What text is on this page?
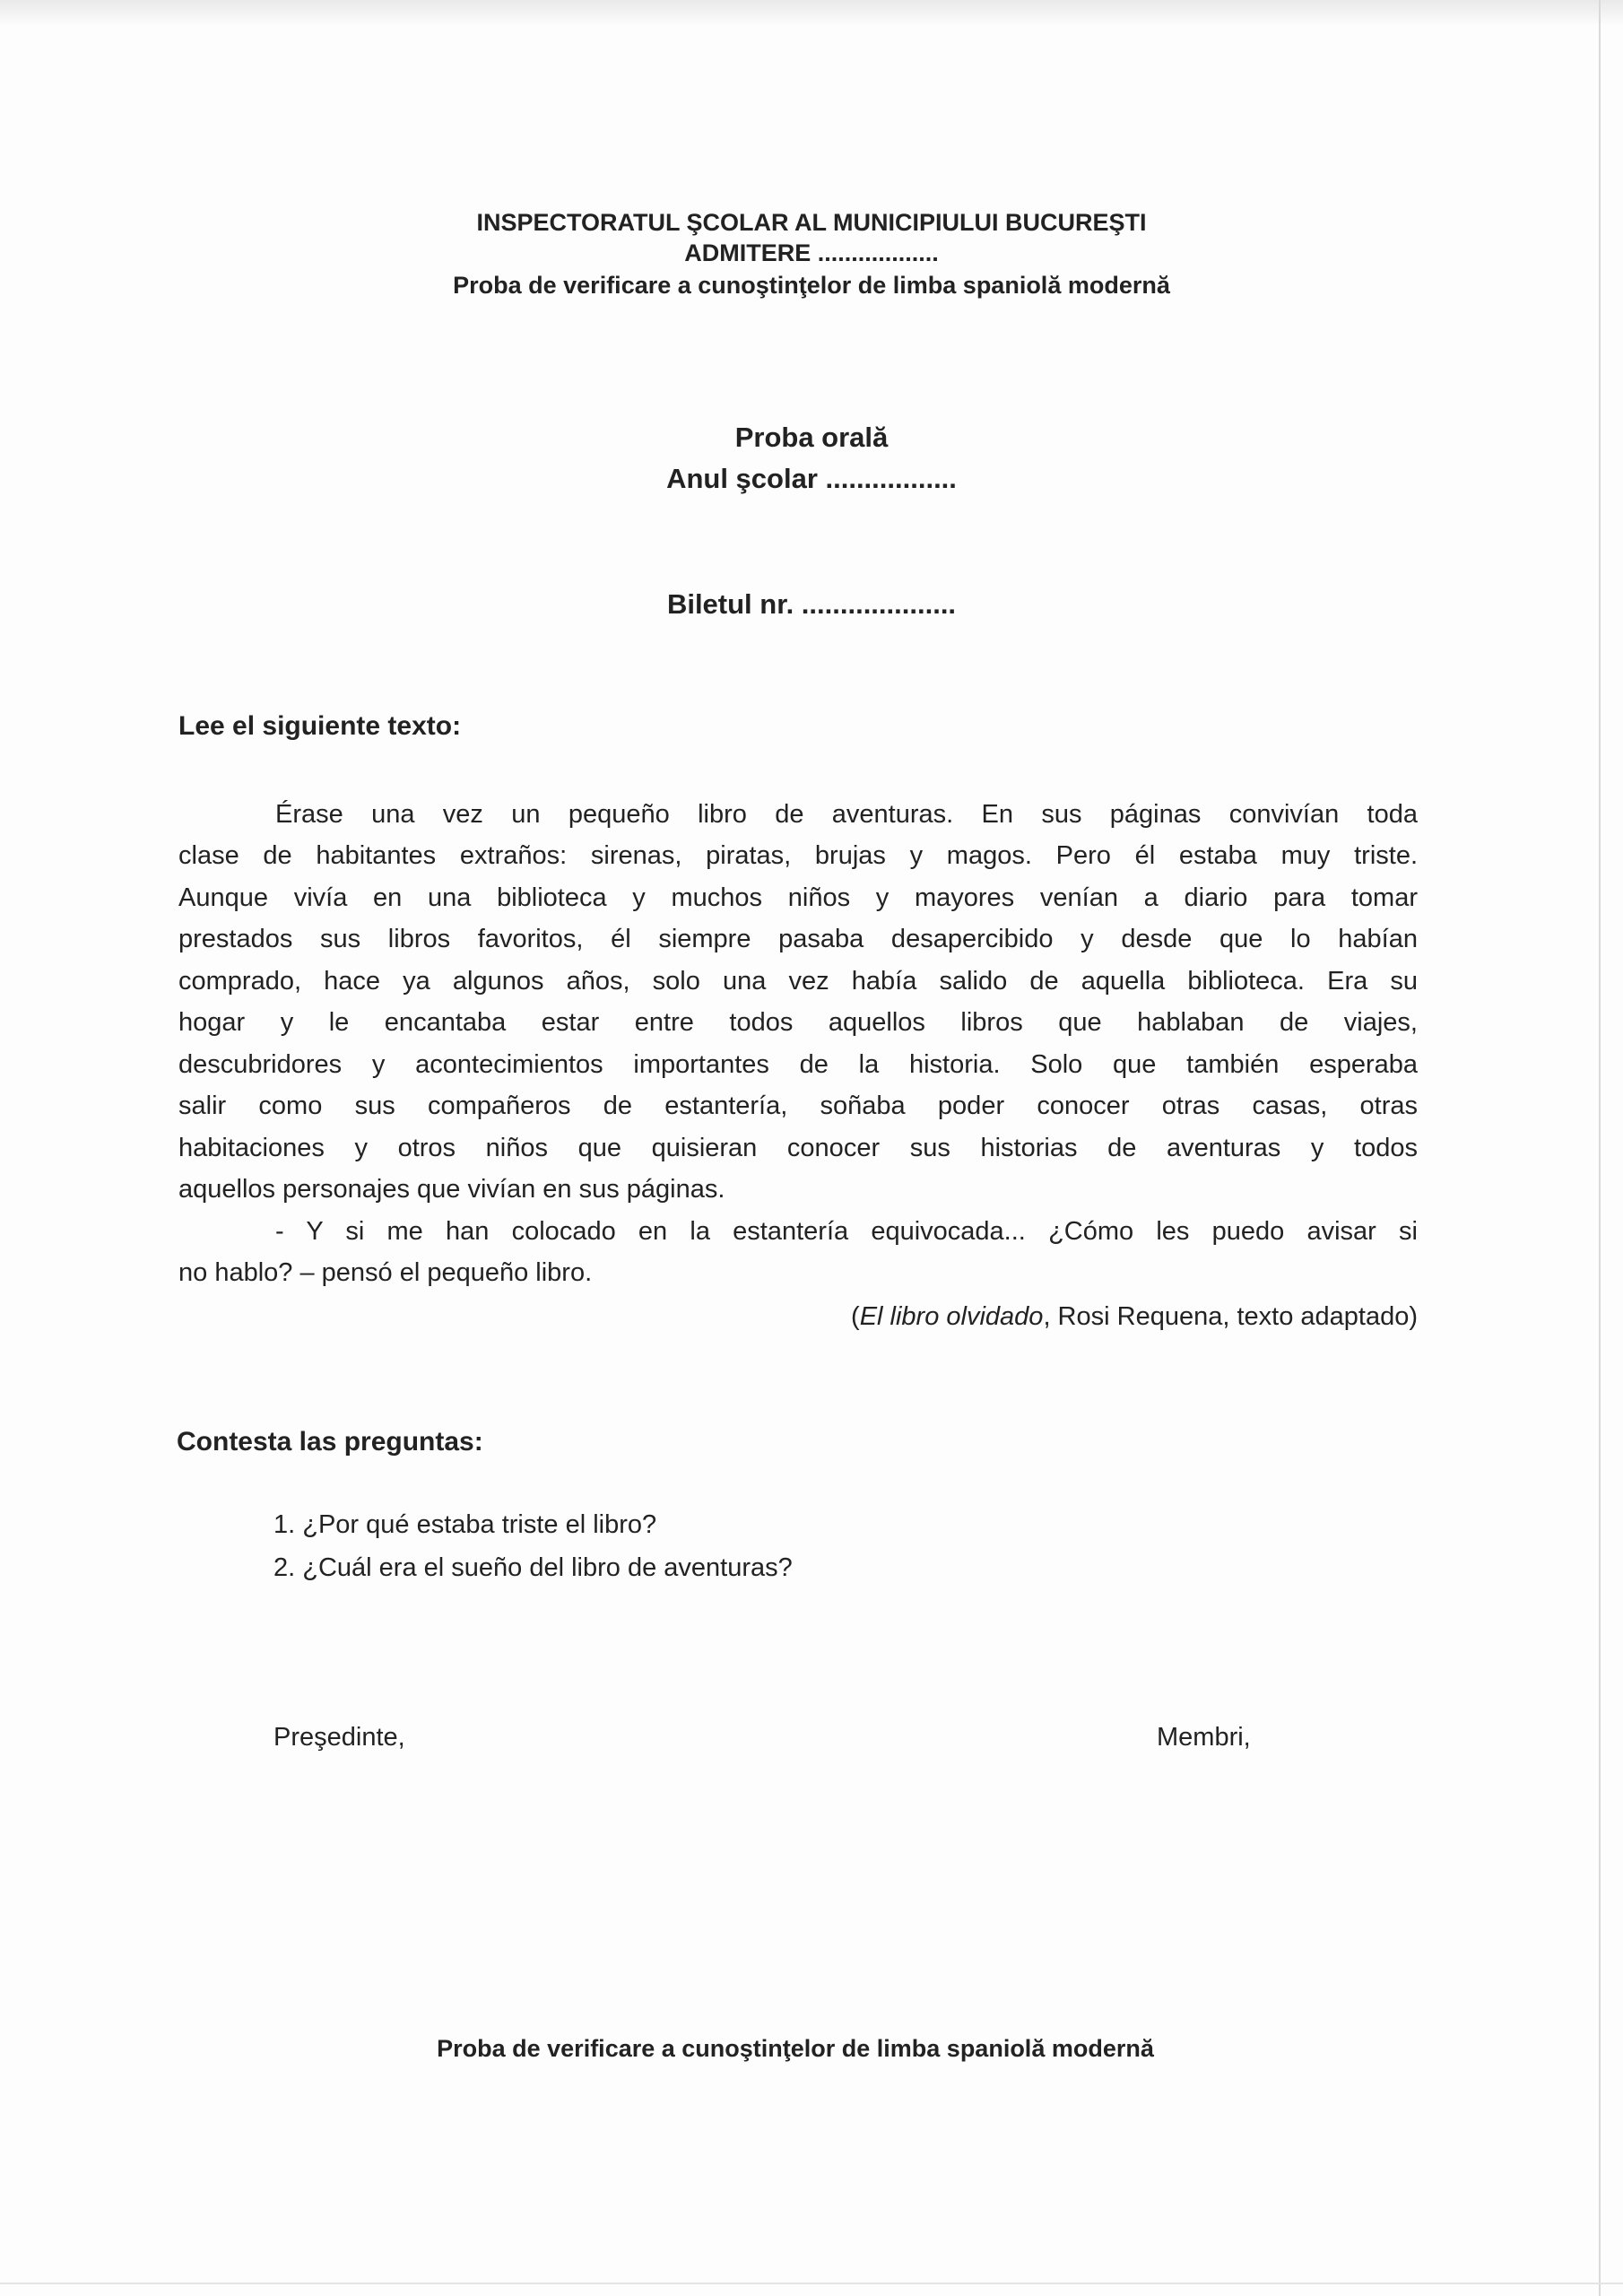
INSPECTORATUL ŞCOLAR AL MUNICIPIULUI BUCUREŞTI
ADMITERE ..................
Proba de verificare a cunoştinţelor de limba spaniolă modernă
Proba orală
Anul şcolar .................
Biletul nr. ....................
Lee el siguiente texto:
Érase una vez un pequeño libro de aventuras. En sus páginas convivían toda
clase de habitantes extraños: sirenas, piratas, brujas y magos. Pero él estaba muy triste.
Aunque vivía en una biblioteca y muchos niños y mayores venían a diario para tomar
prestados sus libros favoritos, él siempre pasaba desapercibido y desde que lo habían
comprado, hace ya algunos años, solo una vez había salido de aquella biblioteca. Era su
hogar y le encantaba estar entre todos aquellos libros que hablaban de viajes,
descubridores y acontecimientos importantes de la historia. Solo que también esperaba
salir como sus compañeros de estantería, soñaba poder conocer otras casas, otras
habitaciones y otros niños que quisieran conocer sus historias de aventuras y todos
aquellos personajes que vivían en sus páginas.
- Y si me han colocado en la estantería equivocada... ¿Cómo les puedo avisar si
no hablo? – pensó el pequeño libro.
(El libro olvidado, Rosi Requena, texto adaptado)
Contesta las preguntas:
1. ¿Por qué estaba triste el libro?
2. ¿Cuál era el sueño del libro de aventuras?
Preşedinte,	Membri,
Proba de verificare a cunoştinţelor de limba spaniolă modernă
